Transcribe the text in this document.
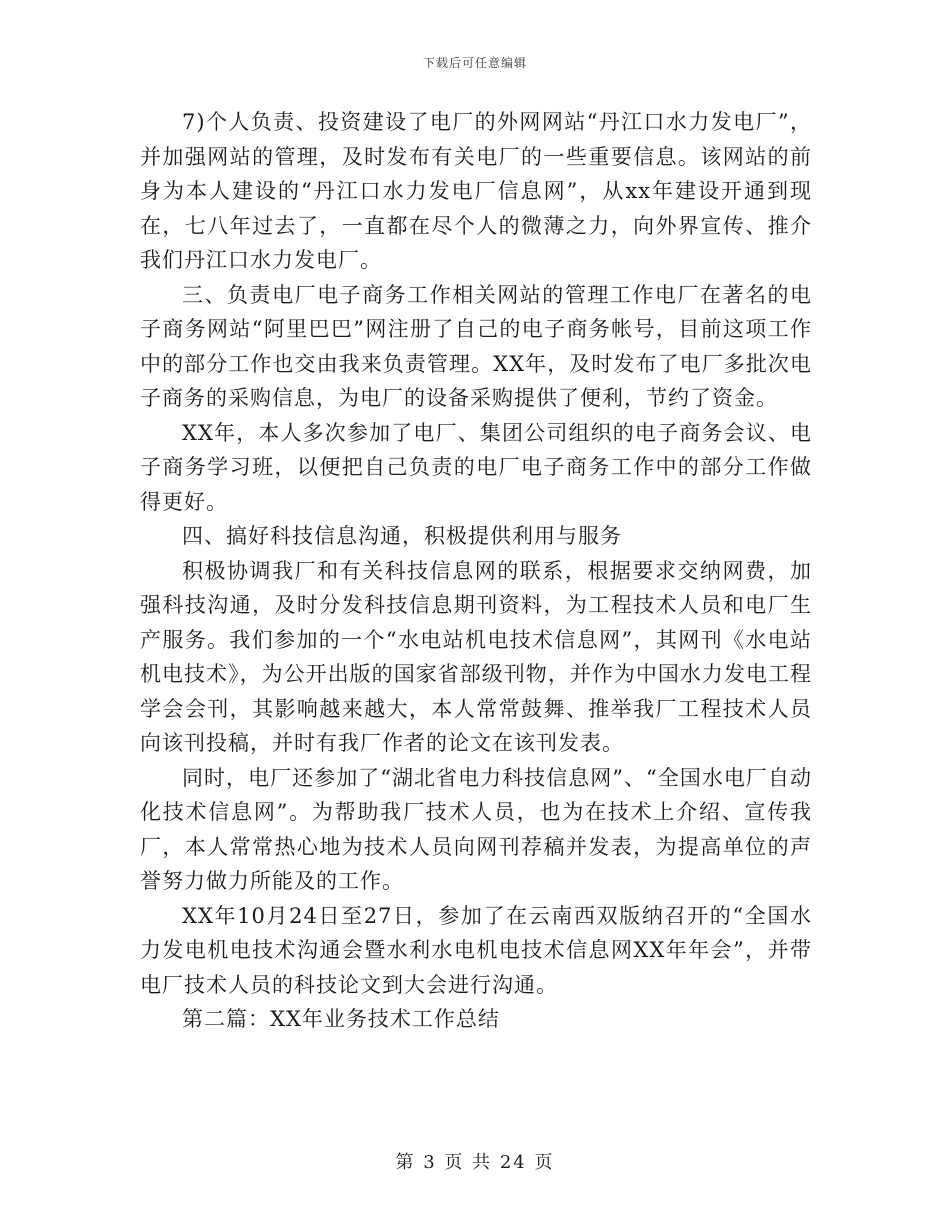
下载后可任意编辑

7)个人负责、投资建设了电厂的外网网站“丹江口水力发电厂”，并加强网站的管理，及时发布有关电厂的一些重要信息。该网站的前身为本人建设的“丹江口水力发电厂信息网”，从xx年建设开通到现在，七八年过去了，一直都在尽个人的微薄之力，向外界宣传、推介我们丹江口水力发电厂。

三、负责电厂电子商务工作相关网站的管理工作电厂在著名的电子商务网站“阿里巴巴”网注册了自己的电子商务帐号，目前这项工作中的部分工作也交由我来负责管理。XX年，及时发布了电厂多批次电子商务的采购信息，为电厂的设备采购提供了便利，节约了资金。

XX年，本人多次参加了电厂、集团公司组织的电子商务会议、电子商务学习班，以便把自己负责的电厂电子商务工作中的部分工作做得更好。

四、搞好科技信息沟通，积极提供利用与服务

积极协调我厂和有关科技信息网的联系，根据要求交纳网费，加强科技沟通，及时分发科技信息期刊资料，为工程技术人员和电厂生产服务。我们参加的一个“水电站机电技术信息网”，其网刊《水电站机电技术》，为公开出版的国家省部级刊物，并作为中国水力发电工程学会会刊，其影响越来越大，本人常常鼓舞、推举我厂工程技术人员向该刊投稿，并时有我厂作者的论文在该刊发表。

同时，电厂还参加了“湖北省电力科技信息网”、“全国水电厂自动化技术信息网”。为帮助我厂技术人员，也为在技术上介绍、宣传我厂，本人常常热心地为技术人员向网刊荐稿并发表，为提高单位的声誉努力做力所能及的工作。

XX年10月24日至27日，参加了在云南西双版纳召开的“全国水力发电机电技术沟通会暨水利水电机电技术信息网XX年年会”，并带电厂技术人员的科技论文到大会进行沟通。

第二篇：XX年业务技术工作总结

第 3 页 共 24 页
